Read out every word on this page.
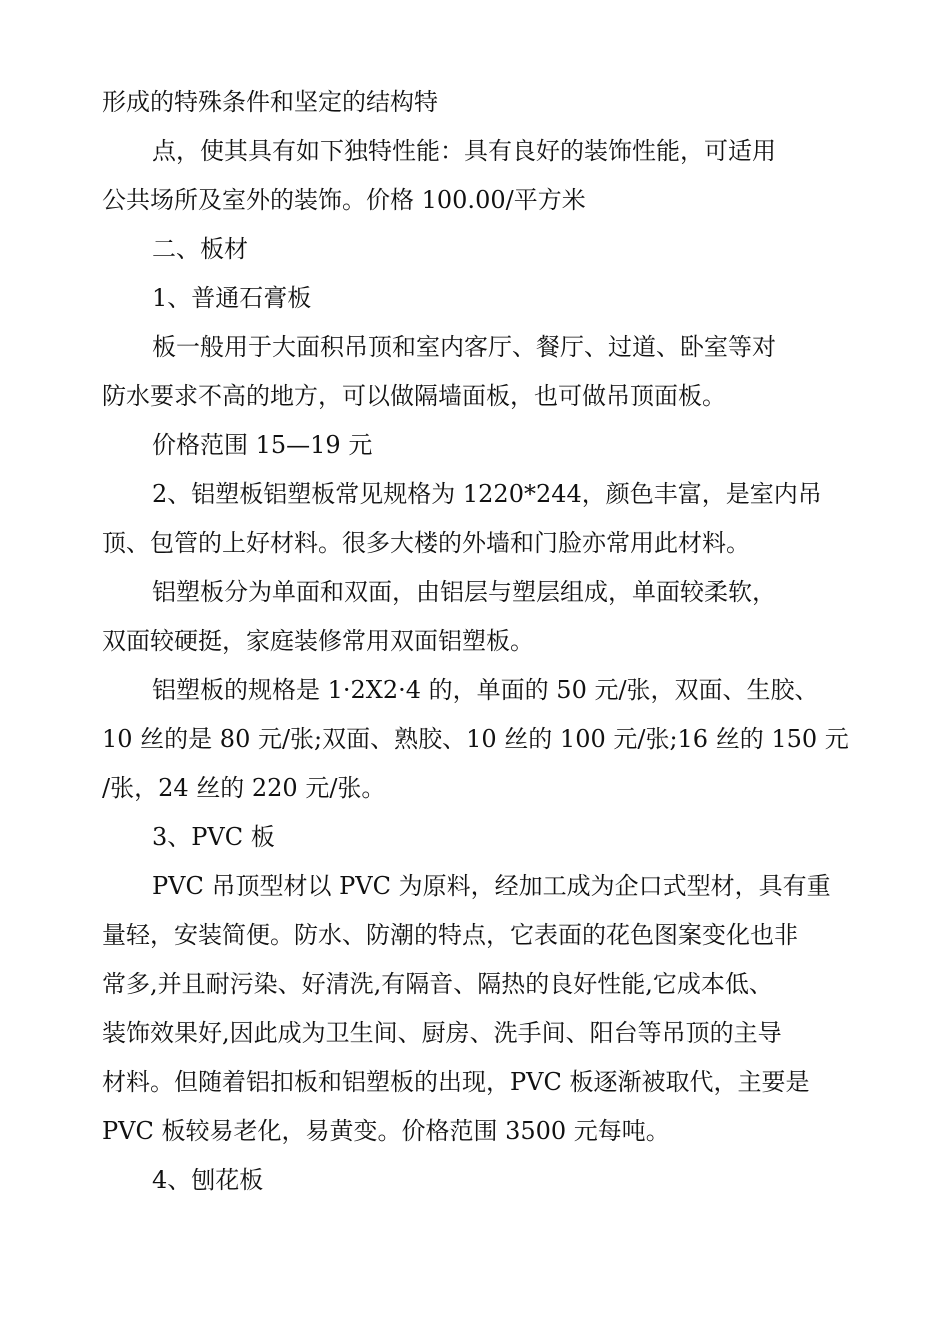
形成的特殊条件和坚定的结构特
点，使其具有如下独特性能：具有良好的装饰性能，可适用
公共场所及室外的装饰。价格 100.00/平方米
二、板材
1、普通石膏板
板一般用于大面积吊顶和室内客厅、餐厅、过道、卧室等对
防水要求不高的地方，可以做隔墙面板，也可做吊顶面板。
价格范围 15—19 元
2、铝塑板铝塑板常见规格为 1220*244，颜色丰富，是室内吊
顶、包管的上好材料。很多大楼的外墙和门脸亦常用此材料。
铝塑板分为单面和双面，由铝层与塑层组成，单面较柔软，
双面较硬挺，家庭装修常用双面铝塑板。
铝塑板的规格是 1·2X2·4 的，单面的 50 元/张，双面、生胶、
10 丝的是 80 元/张;双面、熟胶、10 丝的 100 元/张;16 丝的 150 元
/张，24 丝的 220 元/张。
3、PVC 板
PVC 吊顶型材以 PVC 为原料，经加工成为企口式型材，具有重
量轻，安装简便。防水、防潮的特点，它表面的花色图案变化也非
常多,并且耐污染、好清洗,有隔音、隔热的良好性能,它成本低、
装饰效果好,因此成为卫生间、厨房、洗手间、阳台等吊顶的主导
材料。但随着铝扣板和铝塑板的出现，PVC 板逐渐被取代，主要是
PVC 板较易老化，易黄变。价格范围 3500 元每吨。
4、刨花板
